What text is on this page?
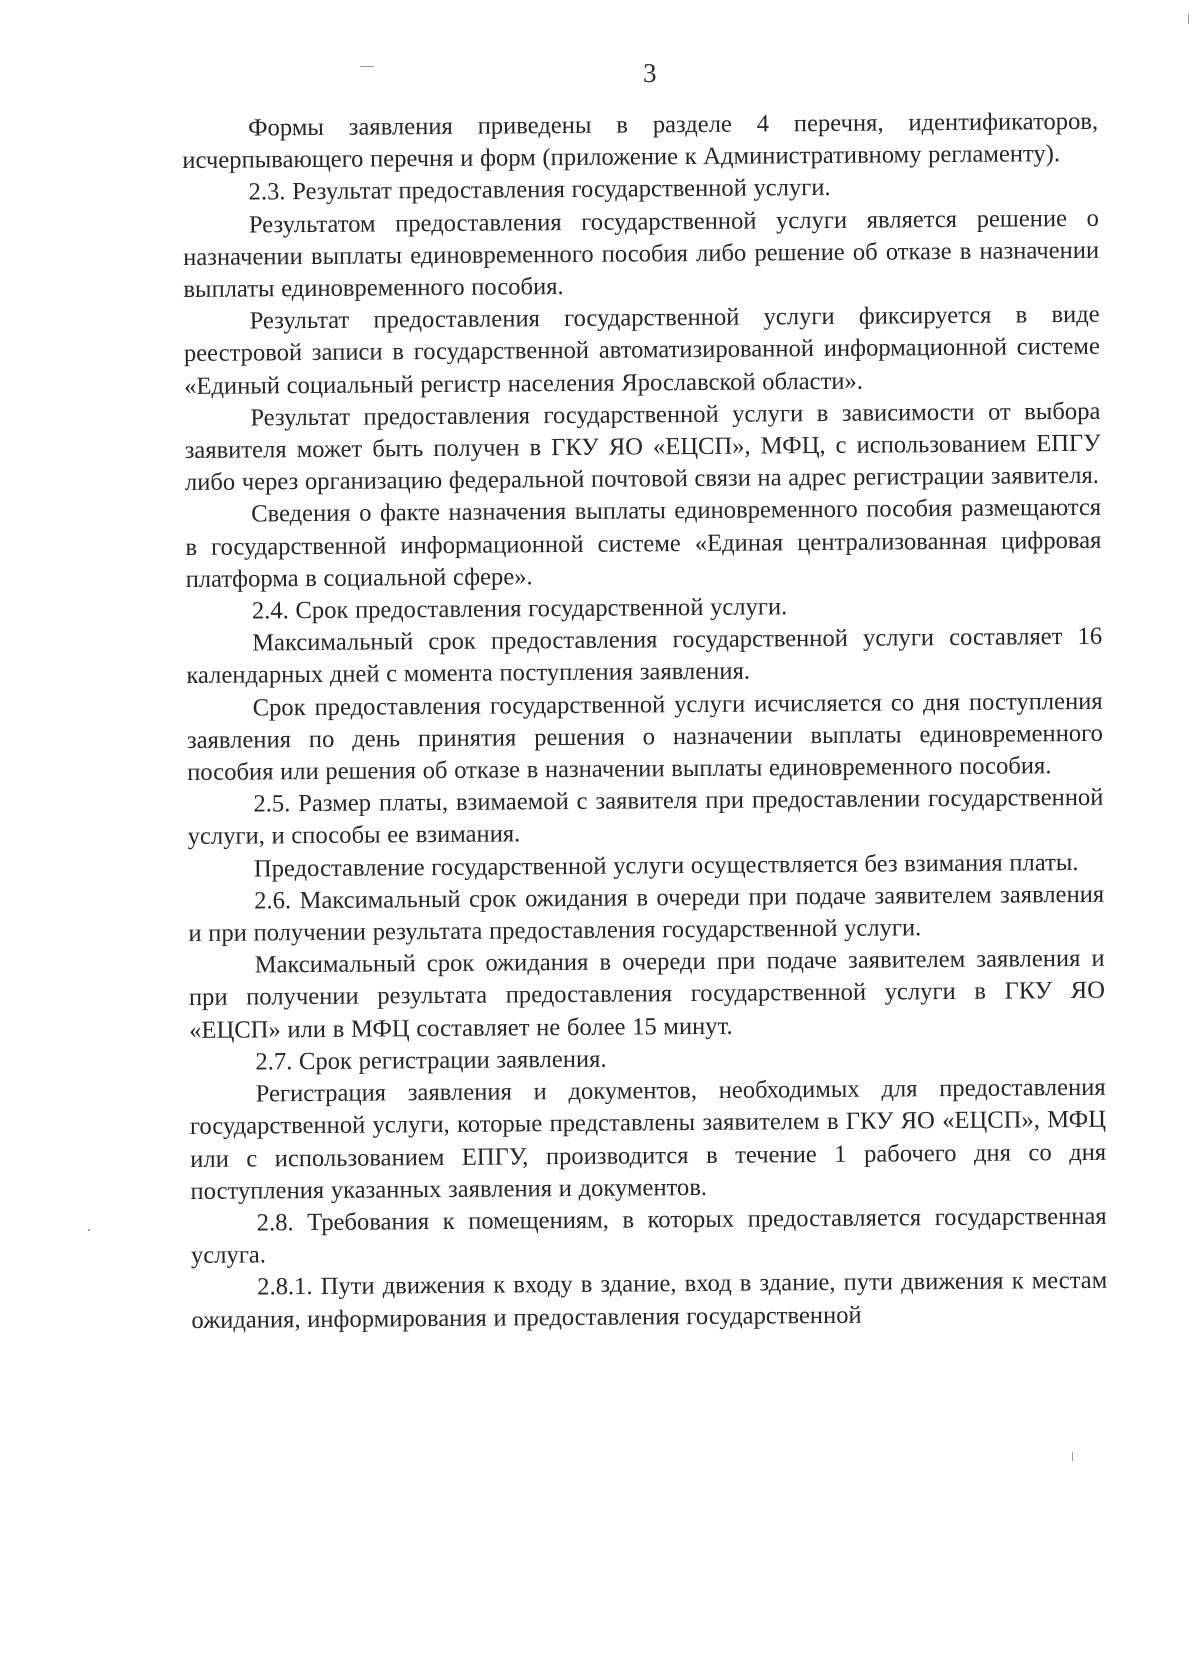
3

Формы заявления приведены в разделе 4 перечня, идентификаторов, исчерпывающего перечня и форм (приложение к Административному регламенту).

2.3. Результат предоставления государственной услуги.

Результатом предоставления государственной услуги является решение о назначении выплаты единовременного пособия либо решение об отказе в назначении выплаты единовременного пособия.

Результат предоставления государственной услуги фиксируется в виде реестровой записи в государственной автоматизированной информационной системе «Единый социальный регистр населения Ярославской области».

Результат предоставления государственной услуги в зависимости от выбора заявителя может быть получен в ГКУ ЯО «ЕЦСП», МФЦ, с использованием ЕПГУ либо через организацию федеральной почтовой связи на адрес регистрации заявителя.

Сведения о факте назначения выплаты единовременного пособия размещаются в государственной информационной системе «Единая централизованная цифровая платформа в социальной сфере».

2.4. Срок предоставления государственной услуги.

Максимальный срок предоставления государственной услуги составляет 16 календарных дней с момента поступления заявления.

Срок предоставления государственной услуги исчисляется со дня поступления заявления по день принятия решения о назначении выплаты единовременного пособия или решения об отказе в назначении выплаты единовременного пособия.

2.5. Размер платы, взимаемой с заявителя при предоставлении государственной услуги, и способы ее взимания.

Предоставление государственной услуги осуществляется без взимания платы.

2.6. Максимальный срок ожидания в очереди при подаче заявителем заявления и при получении результата предоставления государственной услуги.

Максимальный срок ожидания в очереди при подаче заявителем заявления и при получении результата предоставления государственной услуги в ГКУ ЯО «ЕЦСП» или в МФЦ составляет не более 15 минут.

2.7. Срок регистрации заявления.

Регистрация заявления и документов, необходимых для предоставления государственной услуги, которые представлены заявителем в ГКУ ЯО «ЕЦСП», МФЦ или с использованием ЕПГУ, производится в течение 1 рабочего дня со дня поступления указанных заявления и документов.

2.8. Требования к помещениям, в которых предоставляется государственная услуга.

2.8.1. Пути движения к входу в здание, вход в здание, пути движения к местам ожидания, информирования и предоставления государственной
